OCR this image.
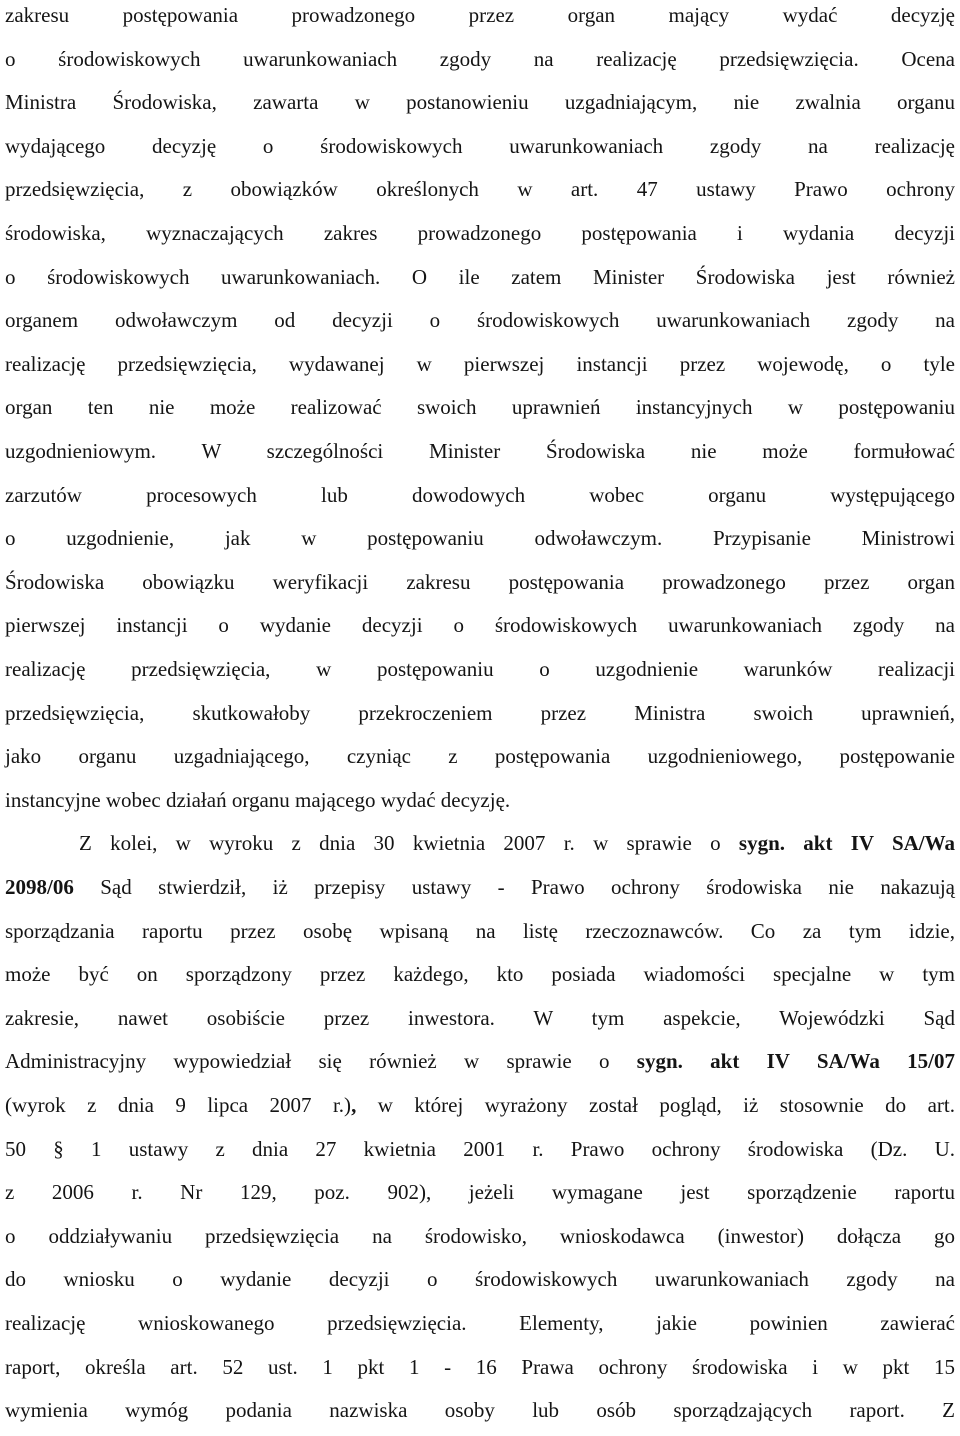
zakresu postępowania prowadzonego przez organ mający wydać decyzję
o środowiskowych uwarunkowaniach zgody na realizację przedsięwzięcia. Ocena
Ministra Środowiska, zawarta w postanowieniu uzgadniającym, nie zwalnia organu
wydającego decyzję o środowiskowych uwarunkowaniach zgody na realizację
przedsięwzięcia, z obowiązków określonych w art. 47 ustawy Prawo ochrony
środowiska, wyznaczających zakres prowadzonego postępowania i wydania decyzji
o środowiskowych uwarunkowaniach. O ile zatem Minister Środowiska jest również
organem odwoławczym od decyzji o środowiskowych uwarunkowaniach zgody na
realizację przedsięwzięcia, wydawanej w pierwszej instancji przez wojewodę, o tyle
organ ten nie może realizować swoich uprawnień instancyjnych w postępowaniu
uzgodnieniowym. W szczególności Minister Środowiska nie może formułować
zarzutów procesowych lub dowodowych wobec organu występującego
o uzgodnienie, jak w postępowaniu odwoławczym. Przypisanie Ministrowi
Środowiska obowiązku weryfikacji zakresu postępowania prowadzonego przez organ
pierwszej instancji o wydanie decyzji o środowiskowych uwarunkowaniach zgody na
realizację przedsięwzięcia, w postępowaniu o uzgodnienie warunków realizacji
przedsięwzięcia, skutkowałoby przekroczeniem przez Ministra swoich uprawnień,
jako organu uzgadniającego, czyniąc z postępowania uzgodnieniowego, postępowanie
instancyjne wobec działań organu mającego wydać decyzję.
Z kolei, w wyroku z dnia 30 kwietnia 2007 r. w sprawie o sygn. akt IV SA/Wa
2098/06 Sąd stwierdził, iż przepisy ustawy - Prawo ochrony środowiska nie nakazują
sporządzania raportu przez osobę wpisaną na listę rzeczoznawców. Co za tym idzie,
może być on sporządzony przez każdego, kto posiada wiadomości specjalne w tym
zakresie, nawet osobiście przez inwestora. W tym aspekcie, Wojewódzki Sąd
Administracyjny wypowiedział się również w sprawie o sygn. akt IV SA/Wa 15/07
(wyrok z dnia 9 lipca 2007 r.), w której wyrażony został pogląd, iż stosownie do art.
50 § 1 ustawy z dnia 27 kwietnia 2001 r. Prawo ochrony środowiska (Dz. U.
z 2006 r. Nr 129, poz. 902), jeżeli wymagane jest sporządzenie raportu
o oddziaływaniu przedsięwzięcia na środowisko, wnioskodawca (inwestor) dołącza go
do wniosku o wydanie decyzji o środowiskowych uwarunkowaniach zgody na
realizację wnioskowanego przedsięwzięcia. Elementy, jakie powinien zawierać
raport, określa art. 52 ust. 1 pkt 1 - 16 Prawa ochrony środowiska i w pkt 15
wymienia wymóg podania nazwiska osoby lub osób sporządzających raport. Z
